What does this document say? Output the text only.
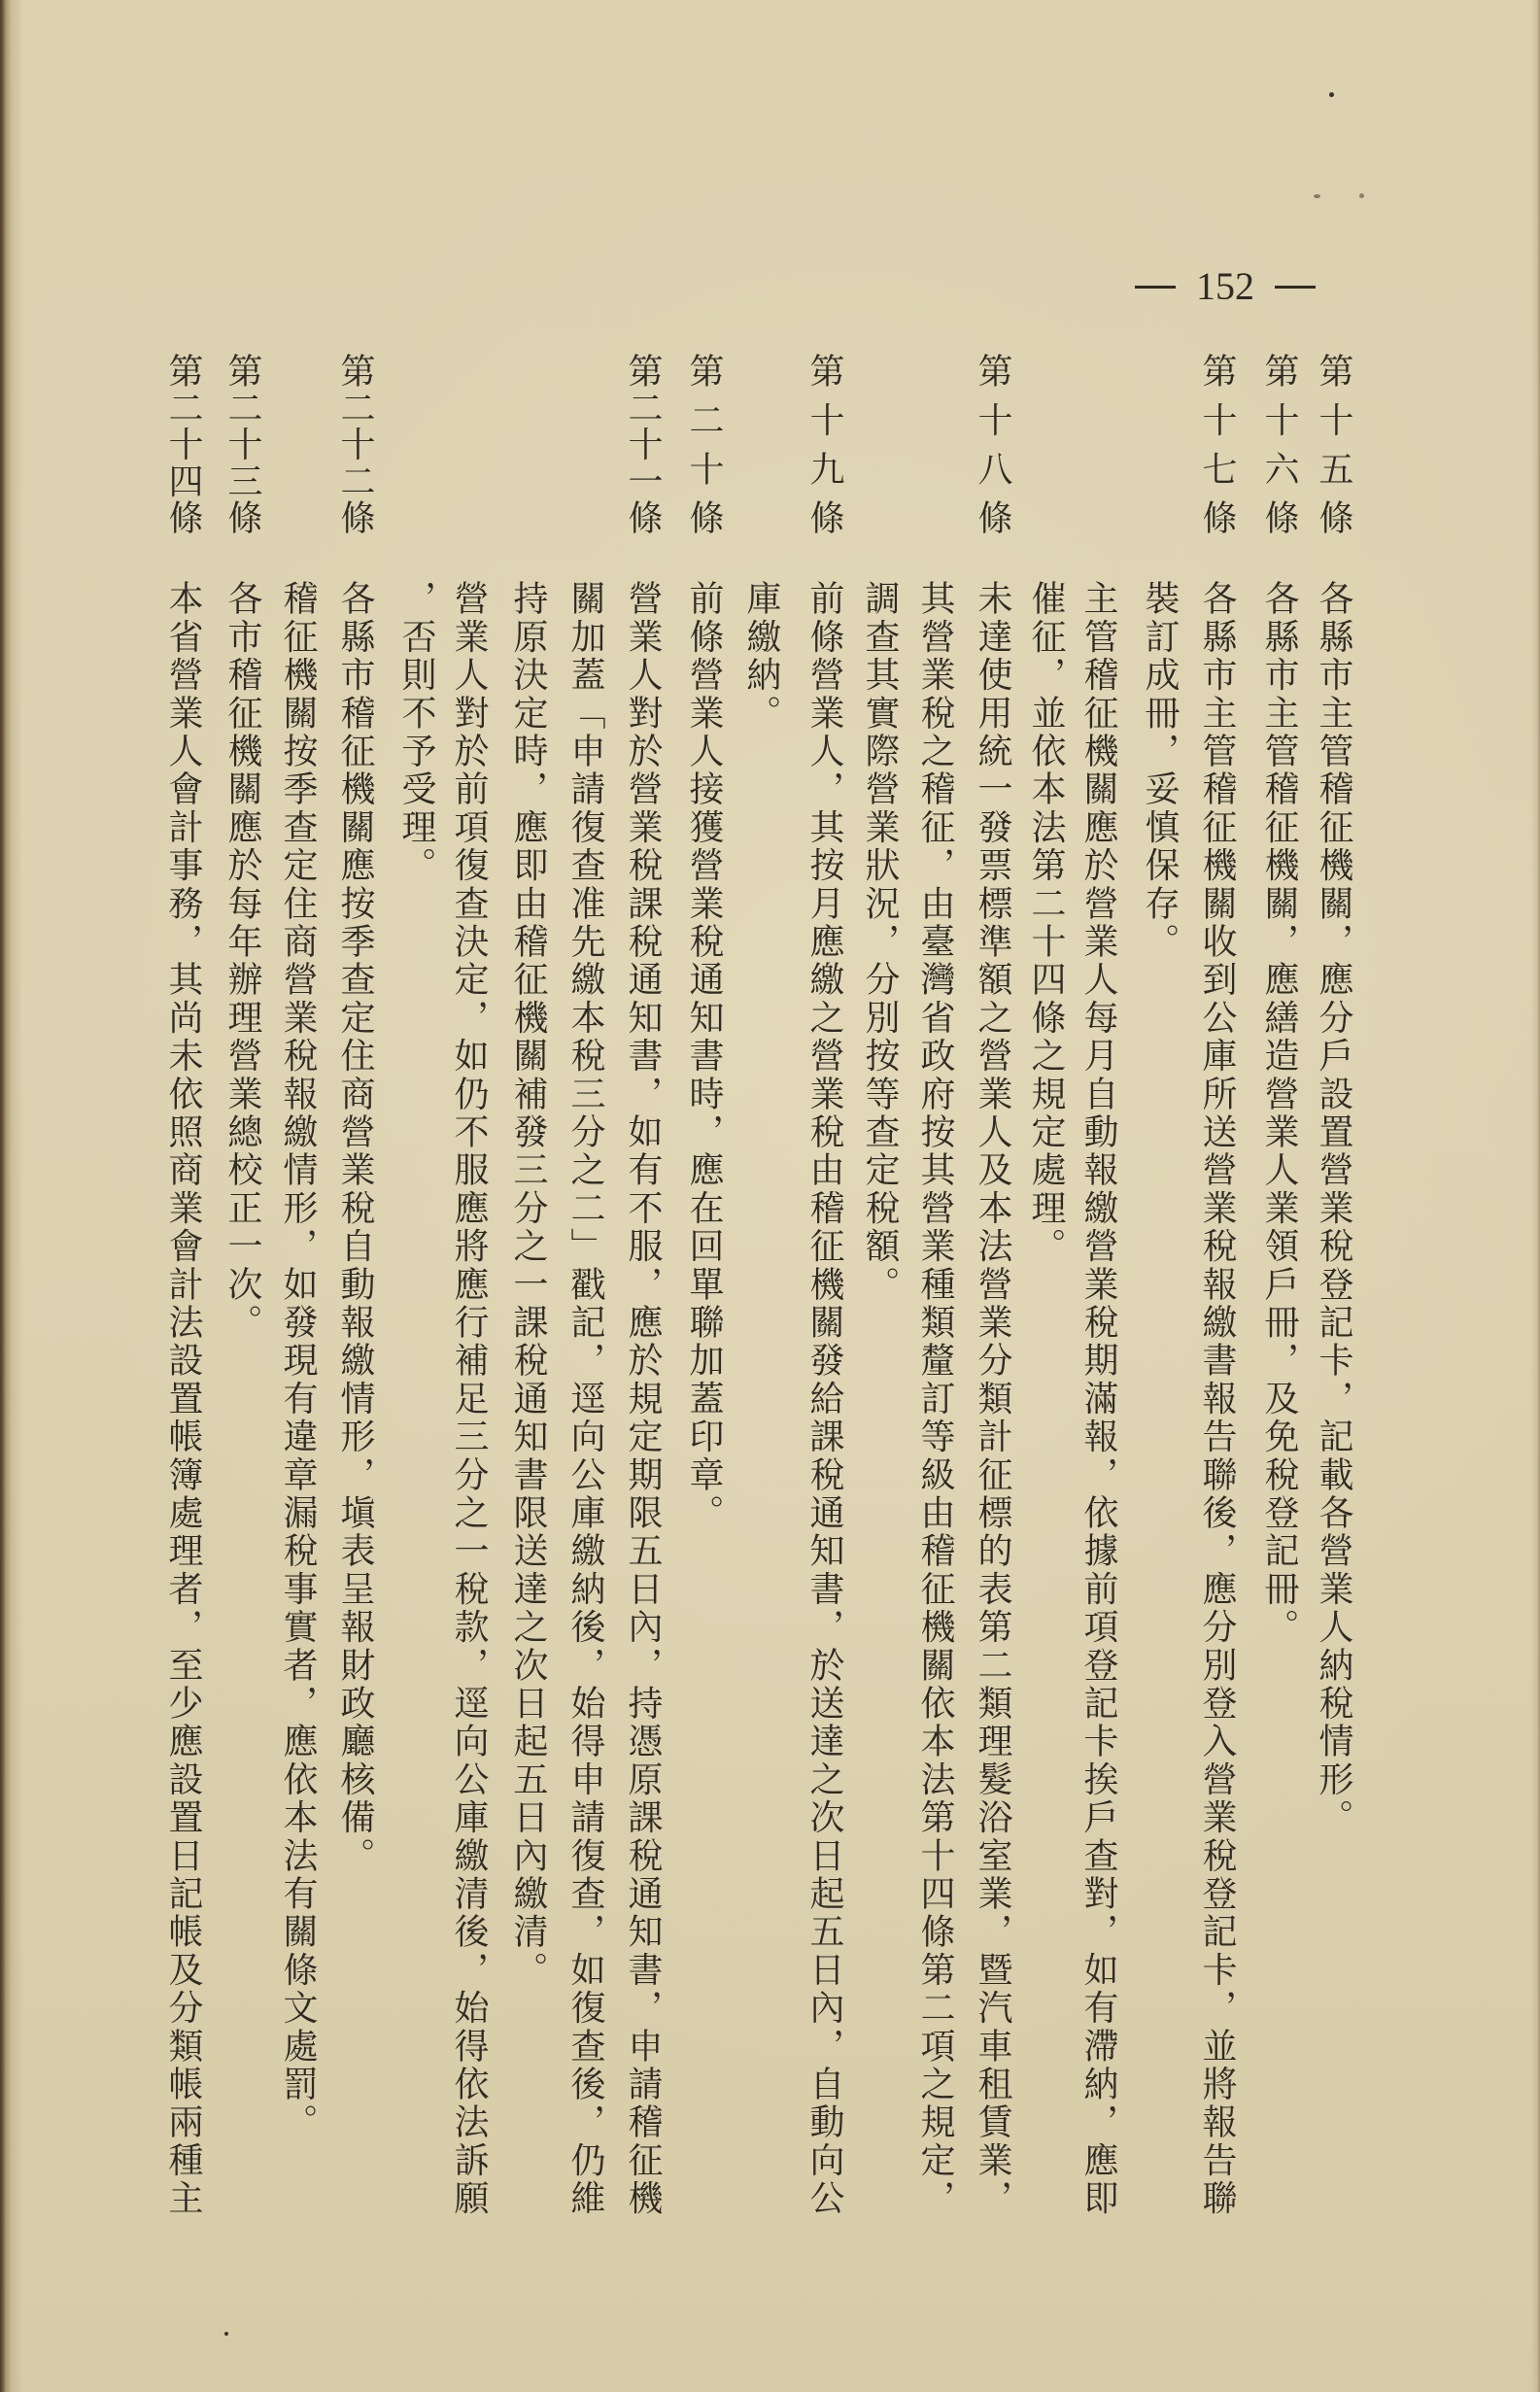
152
第十五條
各縣市主管稽征機關，應分戶設置營業稅登記卡，記載各營業人納稅情形。
第十六條
各縣市主管稽征機關，應繕造營業人業領戶冊，及免稅登記冊。
第十七條
各縣市主管稽征機關收到公庫所送營業稅報繳書報告聯後，應分別登入營業稅登記卡，並將報告聯
裝訂成冊，妥慎保存。
主管稽征機關應於營業人每月自動報繳營業稅期滿報，依據前項登記卡挨戶查對，如有滯納，應即
催征，並依本法第二十四條之規定處理。
第十八條
未達使用統一發票標準額之營業人及本法營業分類計征標的表第二類理髮浴室業，暨汽車租賃業，
其營業稅之稽征，由臺灣省政府按其營業種類釐訂等級由稽征機關依本法第十四條第二項之規定，
調查其實際營業狀況，分別按等查定稅額。
第十九條
前條營業人，其按月應繳之營業稅由稽征機關發給課稅通知書，於送達之次日起五日內，自動向公
庫繳納。
第二十條
前條營業人接獲營業稅通知書時，應在回單聯加蓋印章。
第二十一條
營業人對於營業稅課稅通知書，如有不服，應於規定期限五日內，持憑原課稅通知書，申請稽征機
關加蓋「申請復查准先繳本稅三分之二」戳記，逕向公庫繳納後，始得申請復查，如復查後，仍維
持原決定時，應即由稽征機關補發三分之一課稅通知書限送達之次日起五日內繳清。
營業人對於前項復查決定，如仍不服應將應行補足三分之一稅款，逕向公庫繳清後，始得依法訴願
，否則不予受理。
第二十二條
各縣市稽征機關應按季查定住商營業稅自動報繳情形，塡表呈報財政廳核備。
稽征機關按季查定住商營業稅報繳情形，如發現有違章漏稅事實者，應依本法有關條文處罰。
第二十三條
各市稽征機關應於每年辦理營業總校正一次。
第二十四條
本省營業人會計事務，其尚未依照商業會計法設置帳簿處理者，至少應設置日記帳及分類帳兩種主
